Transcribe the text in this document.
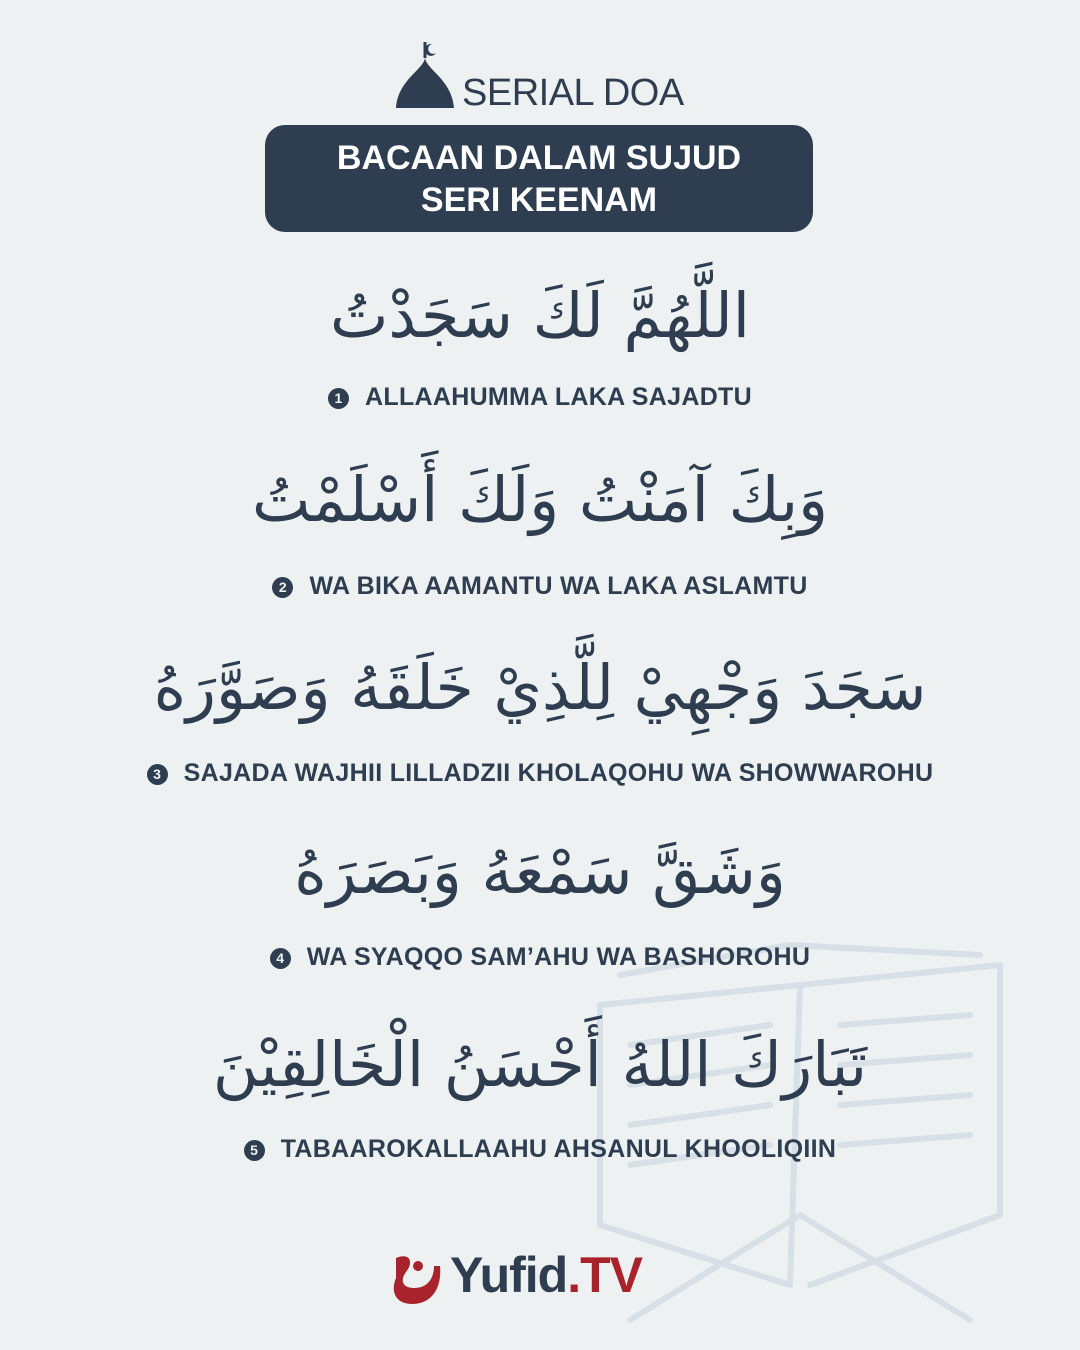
SERIAL DOA
BACAAN DALAM SUJUD
SERI KEENAM
اللَّهُمَّ لَكَ سَجَدْتُ
1 ALLAAHUMMA LAKA SAJADTU
وَبِكَ آمَنْتُ وَلَكَ أَسْلَمْتُ
2 WA BIKA AAMANTU WA LAKA ASLAMTU
سَجَدَ وَجْهِيْ لِلَّذِيْ خَلَقَهُ وَصَوَّرَهُ
3 SAJADA WAJHII LILLADZII KHOLAQOHU WA SHOWWAROHU
وَشَقَّ سَمْعَهُ وَبَصَرَهُ
4 WA SYAQQO SAM’AHU WA BASHOROHU
تَبَارَكَ اللهُ أَحْسَنُ الْخَالِقِيْنَ
5 TABAAROKALLAAHU AHSANUL KHOOLIQIIN
Yufid.TV
